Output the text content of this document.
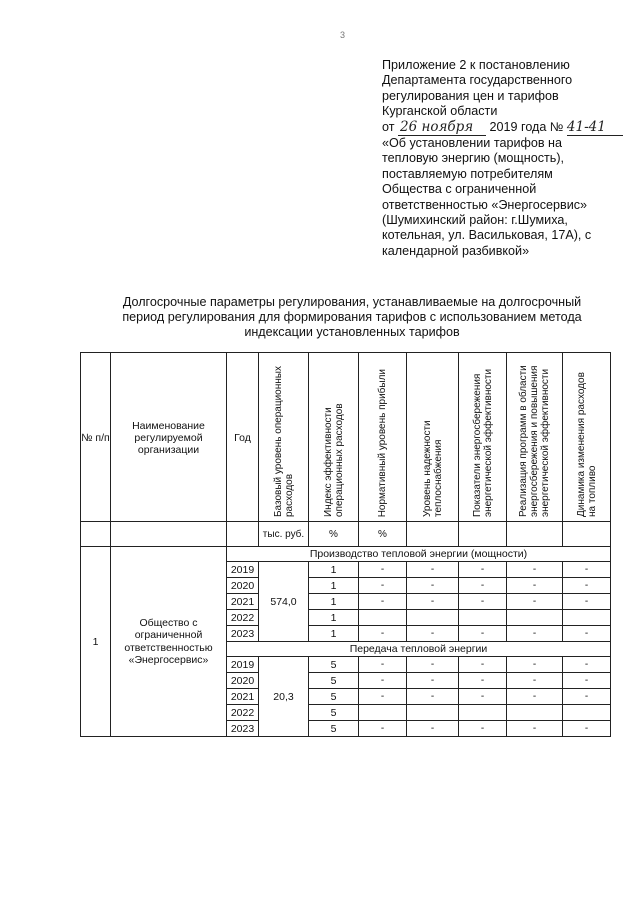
3
Приложение 2 к постановлению
Департамента государственного
регулирования цен и тарифов
Курганской области
от 26 ноября 2019 года № 41-41
«Об установлении тарифов на
тепловую энергию (мощность),
поставляемую потребителям
Общества с ограниченной
ответственностью «Энергосервис»
(Шумихинский район: г.Шумиха,
котельная, ул. Васильковая, 17А), с
календарной разбивкой»
Долгосрочные параметры регулирования, устанавливаемые на долгосрочный
период регулирования для формирования тарифов с использованием метода
индексации установленных тарифов
№ п/п	Наименование регулируемой организации	Год	Базовый уровень операционных расходов	Индекс эффективности операционных расходов	Нормативный уровень прибыли	Уровень надежности теплоснабжения	Показатели энергосбережения энергетической эффективности	Реализация программ в области энергосбережения и повышения энергетической эффективности	Динамика изменения расходов на топливо

			тыс. руб.	%	%				
1	Общество с ограниченной ответственностью «Энергосервис»	Производство тепловой энергии (мощности)							
		2019	574,0	1	-	-	-	-	-
		2020		1	-	-	-	-	-
		2021		1	-	-	-	-	-
		2022		1					
		2023		1	-	-	-	-	-
		Передача тепловой энергии							
		2019	20,3	5	-	-	-	-	-
		2020		5	-	-	-	-	-
		2021		5	-	-	-	-	-
		2022		5					
		2023		5	-	-	-	-	-
